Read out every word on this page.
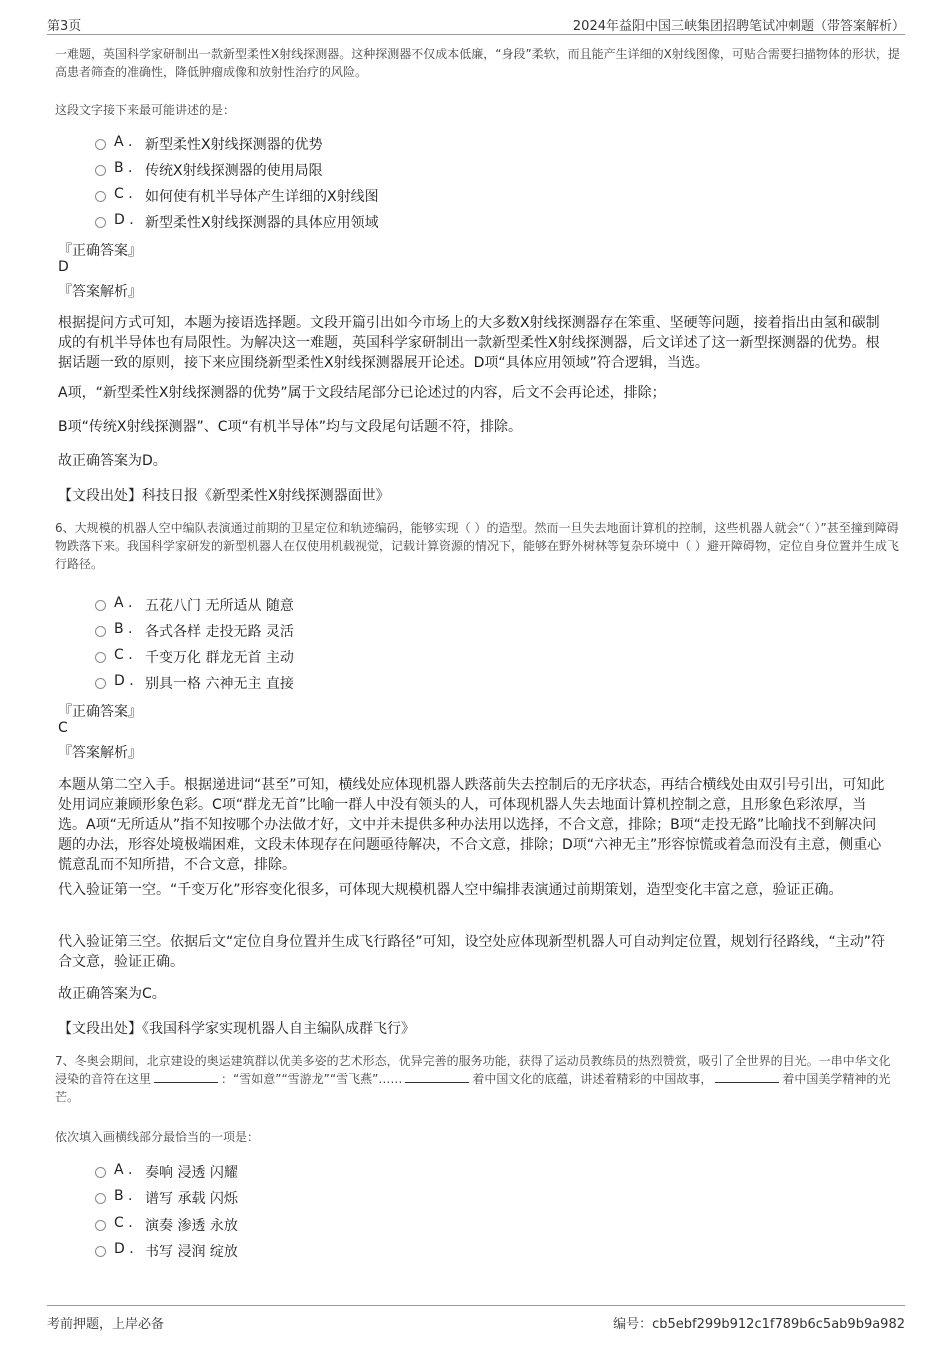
第3页	2024年益阳中国三峡集团招聘笔试冲刺题（带答案解析）
一难题，英国科学家研制出一款新型柔性X射线探测器。这种探测器不仅成本低廉，“身段”柔软，而且能产生详细的X射线图像，可贴合需要扫描物体的形状，提高患者筛查的准确性，降低肿瘤成像和放射性治疗的风险。
这段文字接下来最可能讲述的是：
A . 新型柔性X射线探测器的优势
B . 传统X射线探测器的使用局限
C . 如何使有机半导体产生详细的X射线图
D . 新型柔性X射线探测器的具体应用领域
『正确答案』
D
『答案解析』
根据提问方式可知，本题为接语选择题。文段开篇引出如今市场上的大多数X射线探测器存在笨重、坚硬等问题，接着指出由氢和碳制成的有机半导体也有局限性。为解决这一难题，英国科学家研制出一款新型柔性X射线探测器，后文详述了这一新型探测器的优势。根据话题一致的原则，接下来应围绕新型柔性X射线探测器展开论述。D项“具体应用领域”符合逻辑，当选。
A项，“新型柔性X射线探测器的优势”属于文段结尾部分已论述过的内容，后文不会再论述，排除；
B项“传统X射线探测器”、C项“有机半导体”均与文段尾句话题不符，排除。
故正确答案为D。
【文段出处】科技日报《新型柔性X射线探测器面世》
6、大规模的机器人空中编队表演通过前期的卫星定位和轨迹编码，能够实现（ ）的造型。然而一旦失去地面计算机的控制，这些机器人就会“（ ）”甚至撞到障碍物跌落下来。我国科学家研发的新型机器人在仅使用机载视觉，记载计算资源的情况下，能够在野外树林等复杂环境中（ ）避开障碍物，定位自身位置并生成飞行路径。
A . 五花八门 无所适从 随意
B . 各式各样 走投无路 灵活
C . 千变万化 群龙无首 主动
D . 别具一格 六神无主 直接
『正确答案』
C
『答案解析』
本题从第二空入手。根据递进词“甚至”可知，横线处应体现机器人跌落前失去控制后的无序状态，再结合横线处由双引号引出，可知此处用词应兼顾形象色彩。C项“群龙无首”比喻一群人中没有领头的人，可体现机器人失去地面计算机控制之意，且形象色彩浓厚，当选。A项“无所适从”指不知按哪个办法做才好，文中并未提供多种办法用以选择，不合文意，排除；B项“走投无路”比喻找不到解决问题的办法，形容处境极端困难，文段未体现存在问题亟待解决，不合文意，排除；D项“六神无主”形容惊慌或着急而没有主意，侧重心慌意乱而不知所措，不合文意，排除。
代入验证第一空。“千变万化”形容变化很多，可体现大规模机器人空中编排表演通过前期策划，造型变化丰富之意，验证正确。
代入验证第三空。依据后文“定位自身位置并生成飞行路径”可知，设空处应体现新型机器人可自动判定位置，规划行径路线，“主动”符合文意，验证正确。
故正确答案为C。
【文段出处】《我国科学家实现机器人自主编队成群飞行》
7、冬奥会期间，北京建设的奥运建筑群以优美多姿的艺术形态，优异完善的服务功能，获得了运动员教练员的热烈赞赏，吸引了全世界的目光。一串中华文化浸染的音符在这里	：“雪如意”“雪游龙”“雪飞燕”……	着中国文化的底蕴，讲述着精彩的中国故事，	着中国美学精神的光芒。
依次填入画横线部分最恰当的一项是：
A . 奏响 浸透 闪耀
B . 谱写 承载 闪烁
C . 演奏 渗透 永放
D . 书写 浸润 绽放
考前押题，上岸必备	编号：cb5ebf299b912c1f789b6c5ab9b9a982
